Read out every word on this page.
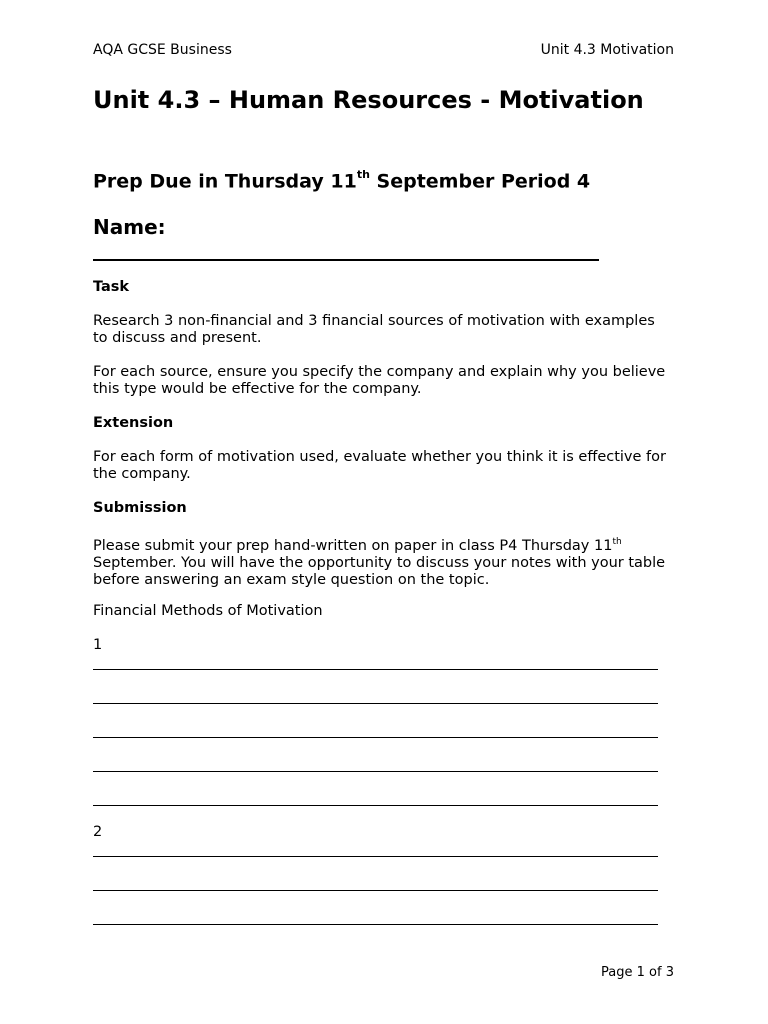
AQA GCSE Business	Unit 4.3 Motivation
Unit 4.3 – Human Resources - Motivation
Prep Due in Thursday 11th September Period 4
Name:
Task
Research 3 non-financial and 3 financial sources of motivation with examples to discuss and present.
For each source, ensure you specify the company and explain why you believe this type would be effective for the company.
Extension
For each form of motivation used, evaluate whether you think it is effective for the company.
Submission
Please submit your prep hand-written on paper in class P4 Thursday 11th September. You will have the opportunity to discuss your notes with your table before answering an exam style question on the topic.
Financial Methods of Motivation
1
2
Page 1 of 3
